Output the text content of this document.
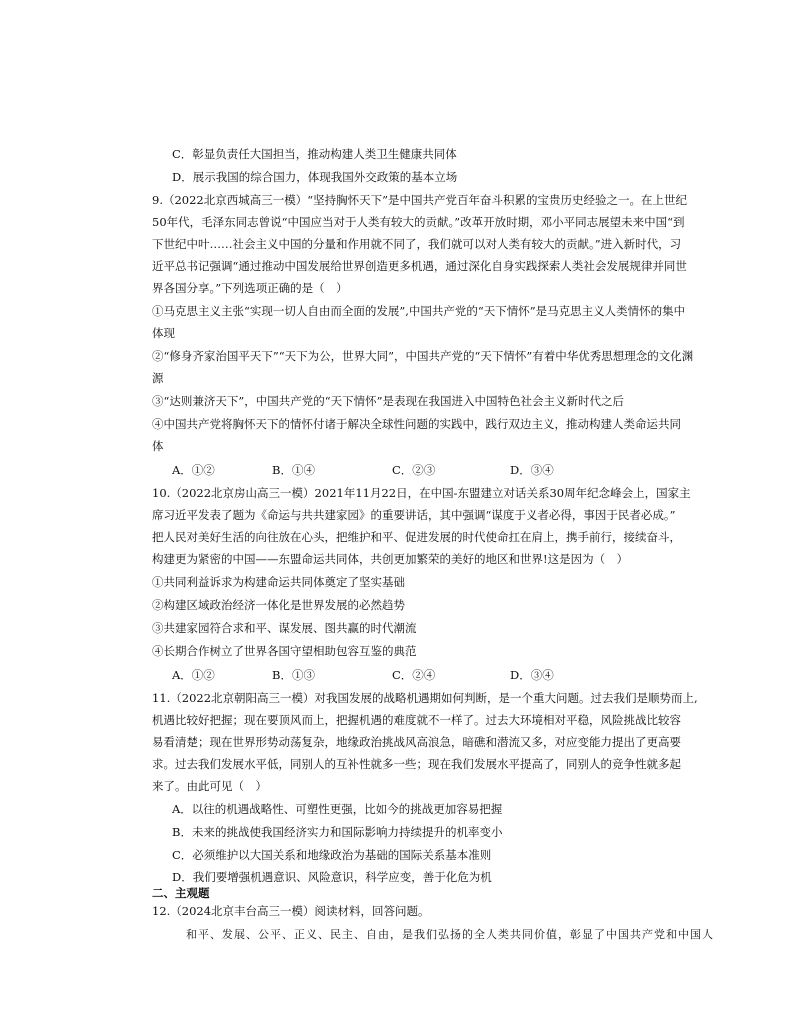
C．彰显负责任大国担当，推动构建人类卫生健康共同体
D．展示我国的综合国力，体现我国外交政策的基本立场
9.（2022北京西城高三一模）“坚持胸怀天下”是中国共产党百年奋斗积累的宝贵历史经验之一。在上世纪
50年代，毛泽东同志曾说“中国应当对于人类有较大的贡献。”改革开放时期，邓小平同志展望未来中国“到
下世纪中叶……社会主义中国的分量和作用就不同了，我们就可以对人类有较大的贡献。”进入新时代，习
近平总书记强调“通过推动中国发展给世界创造更多机遇，通过深化自身实践探索人类社会发展规律并同世
界各国分享。”下列选项正确的是（　）
①马克思主义主张“实现一切人自由而全面的发展”,中国共产党的“天下情怀”是马克思主义人类情怀的集中
体现
②“修身齐家治国平天下”“天下为公，世界大同”，中国共产党的“天下情怀”有着中华优秀思想理念的文化渊
源
③“达则兼济天下”，中国共产党的“天下情怀”是表现在我国进入中国特色社会主义新时代之后
④中国共产党将胸怀天下的情怀付诸于解决全球性问题的实践中，践行双边主义，推动构建人类命运共同
体
A．①②	B．①④	C．②③	D．③④
10.（2022北京房山高三一模）2021年11月22日，在中国-东盟建立对话关系30周年纪念峰会上，国家主
席习近平发表了题为《命运与共共建家园》的重要讲话，其中强调“谋度于义者必得，事因于民者必成。”
把人民对美好生活的向往放在心头，把维护和平、促进发展的时代使命扛在肩上，携手前行，接续奋斗，
构建更为紧密的中国——东盟命运共同体，共创更加繁荣的美好的地区和世界!这是因为（　）
①共同利益诉求为构建命运共同体奠定了坚实基础
②构建区域政治经济一体化是世界发展的必然趋势
③共建家园符合求和平、谋发展、图共赢的时代潮流
④长期合作树立了世界各国守望相助包容互鉴的典范
A．①②	B．①③	C．②④	D．③④
11.（2022北京朝阳高三一模）对我国发展的战略机遇期如何判断，是一个重大问题。过去我们是顺势而上,
机遇比较好把握；现在要顶风而上，把握机遇的难度就不一样了。过去大环境相对平稳，风险挑战比较容
易看清楚；现在世界形势动荡复杂，地缘政治挑战风高浪急，暗礁和潜流又多，对应变能力提出了更高要
求。过去我们发展水平低，同别人的互补性就多一些；现在我们发展水平提高了，同别人的竞争性就多起
来了。由此可见（　）
A．以往的机遇战略性、可塑性更强，比如今的挑战更加容易把握
B．未来的挑战使我国经济实力和国际影响力持续提升的机率变小
C．必须维护以大国关系和地缘政治为基础的国际关系基本准则
D．我们要增强机遇意识、风险意识，科学应变，善于化危为机
二、主观题
12.（2024北京丰台高三一模）阅读材料，回答问题。
和平、发展、公平、正义、民主、自由，是我们弘扬的全人类共同价值，彰显了中国共产党和中国人
